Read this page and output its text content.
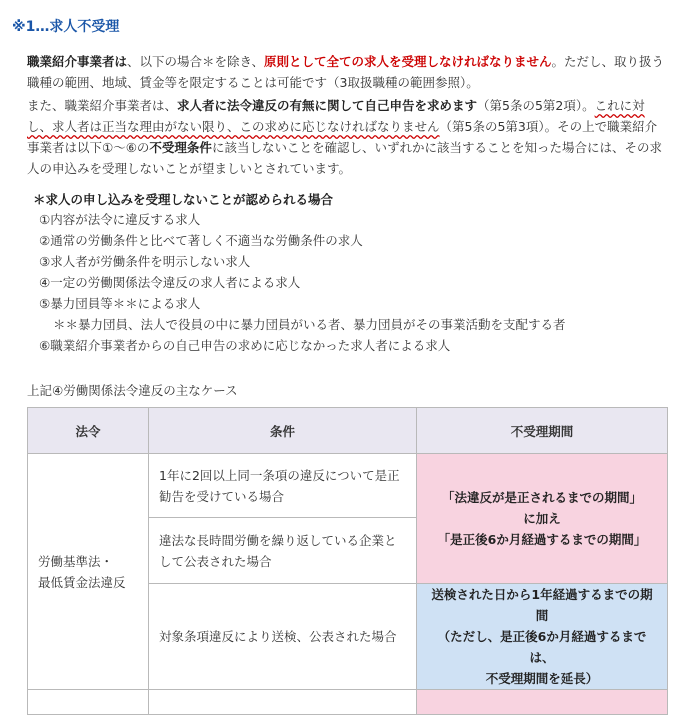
※1…求人不受理
職業紹介事業者は、以下の場合＊を除き、原則として全ての求人を受理しなければなりません。ただし、取り扱う職種の範囲、地域、賃金等を限定することは可能です（3取扱職種の範囲参照）。
また、職業紹介事業者は、求人者に法令違反の有無に関して自己申告を求めます（第5条の5第2項）。これに対し、求人者は正当な理由がない限り、この求めに応じなければなりません（第5条の5第3項）。その上で職業紹介事業者は以下①～⑥の不受理条件に該当しないことを確認し、いずれかに該当することを知った場合には、その求人の申込みを受理しないことが望ましいとされています。
＊求人の申し込みを受理しないことが認められる場合
①内容が法令に違反する求人
②通常の労働条件と比べて著しく不適当な労働条件の求人
③求人者が労働条件を明示しない求人
④一定の労働関係法令違反の求人者による求人
⑤暴力団員等＊＊による求人
＊＊暴力団員、法人で役員の中に暴力団員がいる者、暴力団員がその事業活動を支配する者
⑥職業紹介事業者からの自己申告の求めに応じなかった求人者による求人
上記④労働関係法令違反の主なケース
法令	条件	不受理期間
労働基準法・
最低賃金法違反	1年に2回以上同一条項の違反について是正勧告を受けている場合	「法違反が是正されるまでの期間」
に加え
「是正後6か月経過するまでの期間」
	違法な長時間労働を繰り返している企業として公表された場合	
	対象条項違反により送検、公表された場合	送検された日から1年経過するまでの期間
（ただし、是正後6か月経過するまでは、
不受理期間を延長）
